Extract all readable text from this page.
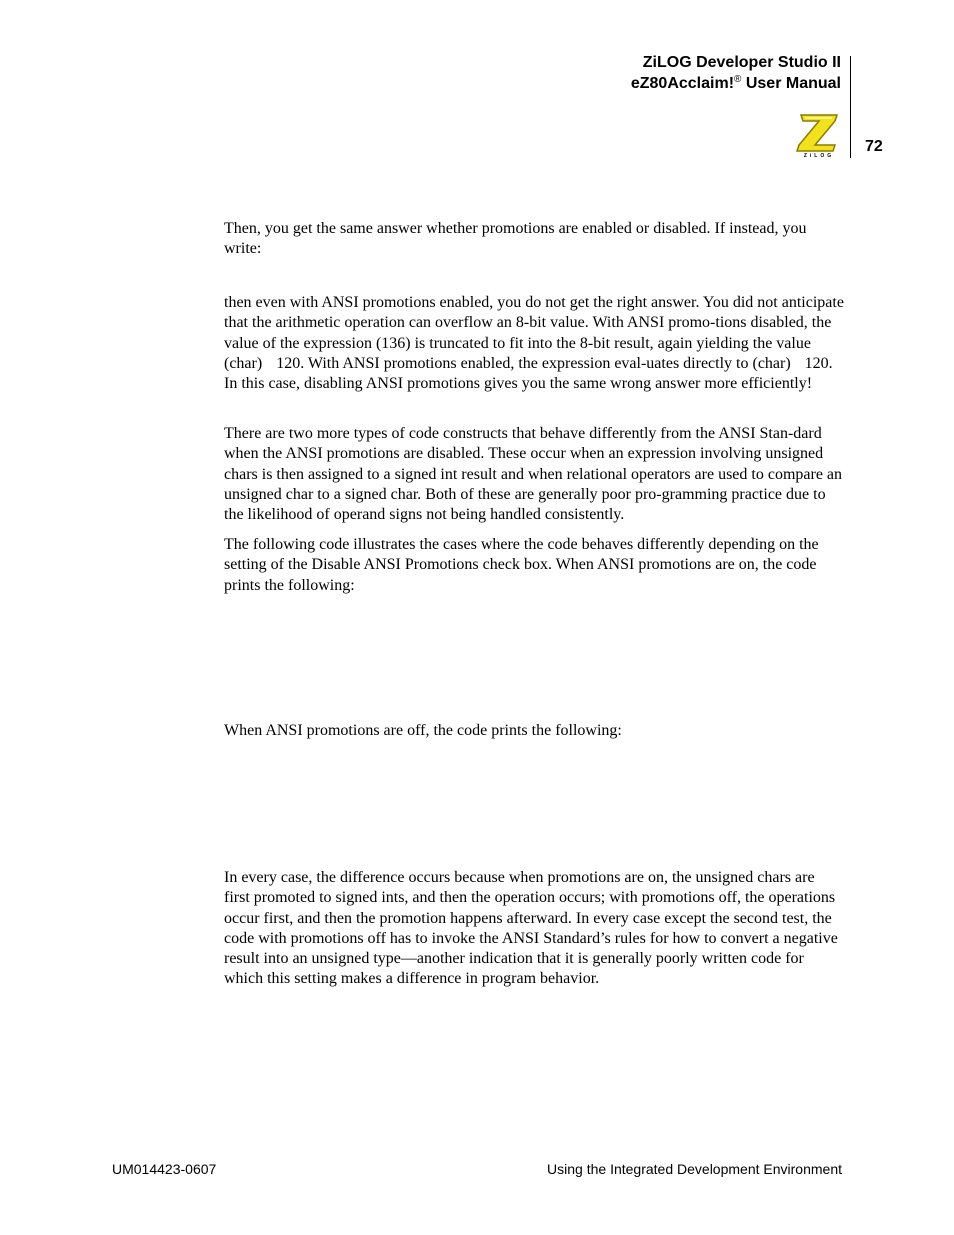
ZiLOG Developer Studio II
eZ80Acclaim!® User Manual
ZiLOG
72

Then, you get the same answer whether promotions are enabled or disabled. If instead, you write:

then even with ANSI promotions enabled, you do not get the right answer. You did not anticipate that the arithmetic operation can overflow an 8-bit value. With ANSI promo-tions disabled, the value of the expression (136) is truncated to fit into the 8-bit result, again yielding the value (char) 120. With ANSI promotions enabled, the expression eval-uates directly to (char) 120. In this case, disabling ANSI promotions gives you the same wrong answer more efficiently!

There are two more types of code constructs that behave differently from the ANSI Stan-dard when the ANSI promotions are disabled. These occur when an expression involving unsigned chars is then assigned to a signed int result and when relational operators are used to compare an unsigned char to a signed char. Both of these are generally poor pro-gramming practice due to the likelihood of operand signs not being handled consistently.

The following code illustrates the cases where the code behaves differently depending on the setting of the Disable ANSI Promotions check box. When ANSI promotions are on, the code prints the following:

When ANSI promotions are off, the code prints the following:

In every case, the difference occurs because when promotions are on, the unsigned chars are first promoted to signed ints, and then the operation occurs; with promotions off, the operations occur first, and then the promotion happens afterward. In every case except the second test, the code with promotions off has to invoke the ANSI Standard’s rules for how to convert a negative result into an unsigned type—another indication that it is generally poorly written code for which this setting makes a difference in program behavior.

UM014423-0607	Using the Integrated Development Environment
